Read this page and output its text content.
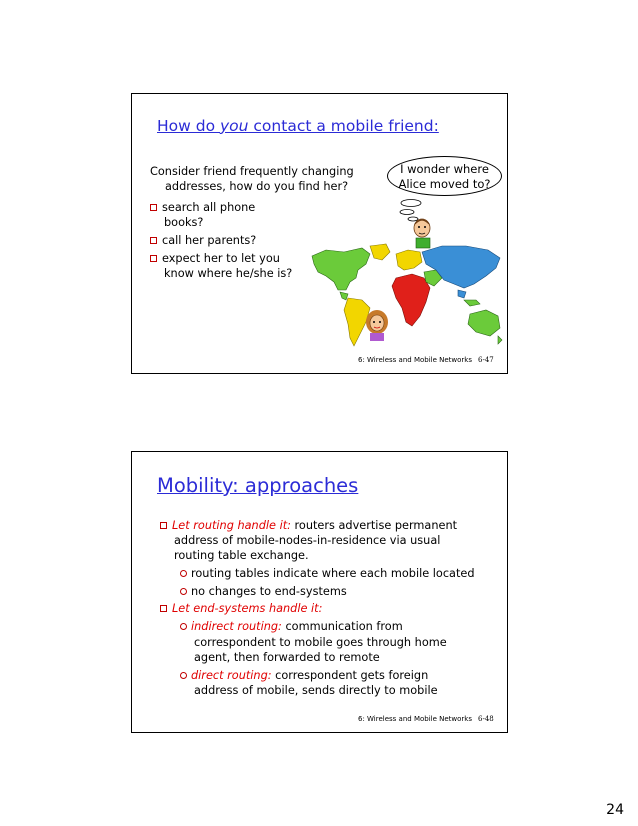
How do you contact a mobile friend:
Consider friend frequently changing
addresses, how do you find her?
search all phone
books?
call her parents?
expect her to let you
know where he/she is?
I wonder where
Alice moved to?
6: Wireless and Mobile Networks 6-47
Mobility: approaches
Let routing handle it: routers advertise permanent
address of mobile-nodes-in-residence via usual
routing table exchange.
routing tables indicate where each mobile located
no changes to end-systems
Let end-systems handle it:
indirect routing: communication from
correspondent to mobile goes through home
agent, then forwarded to remote
direct routing: correspondent gets foreign
address of mobile, sends directly to mobile
6: Wireless and Mobile Networks 6-48
24
